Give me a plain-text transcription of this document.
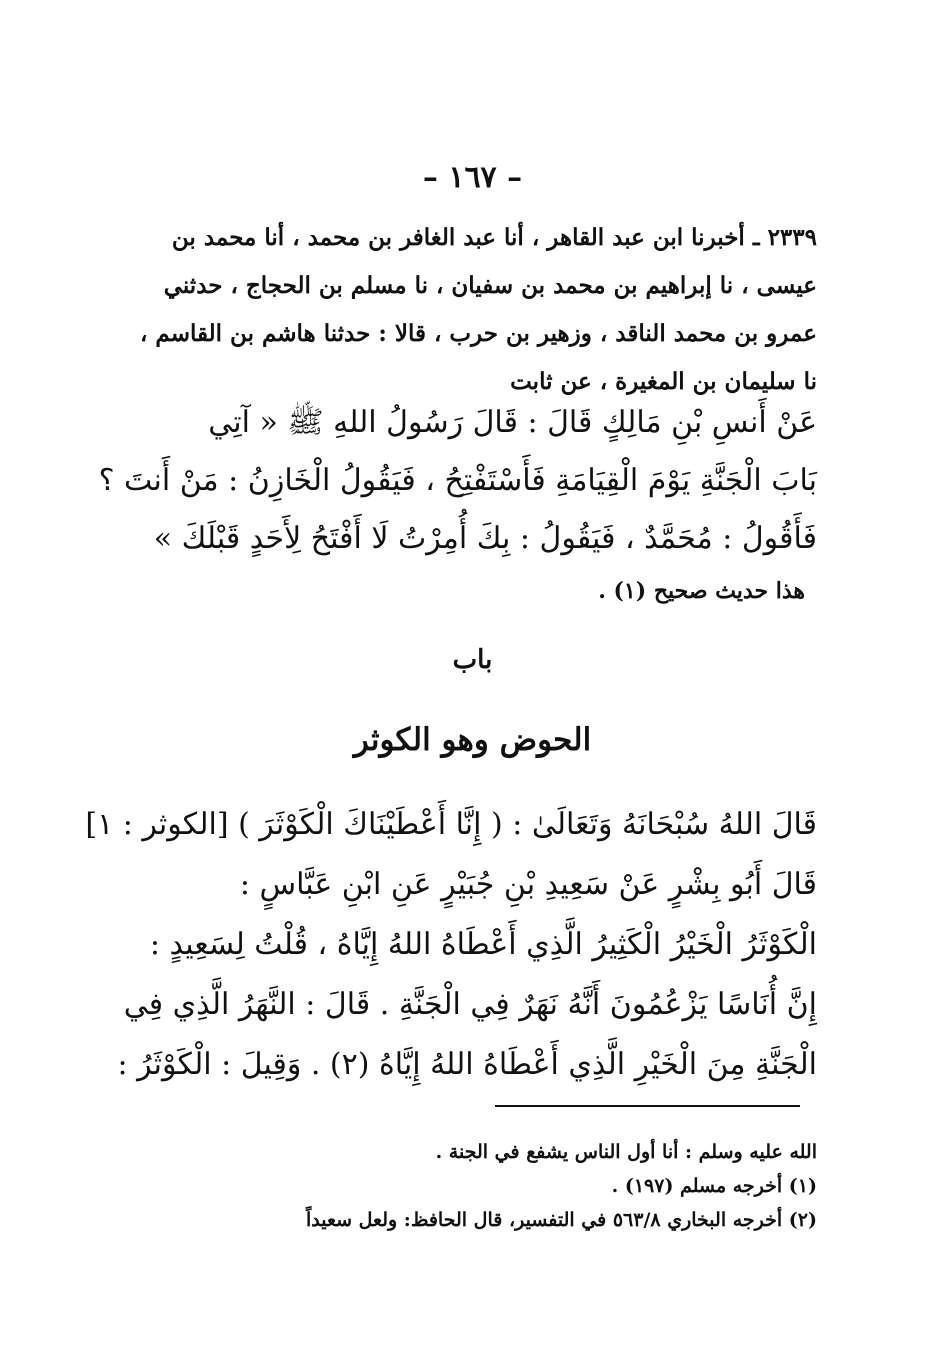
– ١٦٧ –
٢٣٣٩ ـ أخبرنا ابن عبد القاهر ، أنا عبد الغافر بن محمد ، أنا محمد بن
عيسى ، نا إبراهيم بن محمد بن سفيان ، نا مسلم بن الحجاج ، حدثني
عمرو بن محمد الناقد ، وزهير بن حرب ، قالا : حدثنا هاشم بن القاسم ،
نا سليمان بن المغيرة ، عن ثابت
عَنْ أَنسِ بْنِ مَالِكٍ قَالَ : قَالَ رَسُولُ اللهِ ﷺ « آتِي
بَابَ الْجَنَّةِ يَوْمَ الْقِيَامَةِ فَأَسْتَفْتِحُ ، فَيَقُولُ الْخَازِنُ : مَنْ أَنتَ ؟
فَأَقُولُ : مُحَمَّدٌ ، فَيَقُولُ : بِكَ أُمِرْتُ لَا أَفْتَحُ لِأَحَدٍ قَبْلَكَ »
هذا حديث صحيح (١) .
باب
الحوض وهو الكوثر
قَالَ اللهُ سُبْحَانَهُ وَتَعَالَىٰ : ( إِنَّا أَعْطَيْنَاكَ الْكَوْثَرَ ) [الكوثر : ١]
قَالَ أَبُو بِشْرٍ عَنْ سَعِيدِ بْنِ جُبَيْرٍ عَنِ ابْنِ عَبَّاسٍ :
الْكَوْثَرُ الْخَيْرُ الْكَثِيرُ الَّذِي أَعْطَاهُ اللهُ إِيَّاهُ ، قُلْتُ لِسَعِيدٍ :
إِنَّ أُنَاسًا يَزْعُمُونَ أَنَّهُ نَهَرٌ فِي الْجَنَّةِ . قَالَ : النَّهَرُ الَّذِي فِي
الْجَنَّةِ مِنَ الْخَيْرِ الَّذِي أَعْطَاهُ اللهُ إِيَّاهُ (٢) . وَقِيلَ : الْكَوْثَرُ :
الله عليه وسلم : أنا أول الناس يشفع في الجنة .
(١) أخرجه مسلم (١٩٧) .
(٢) أخرجه البخاري ٥٦٣/٨ في التفسير، قال الحافظ: ولعل سعيداً
